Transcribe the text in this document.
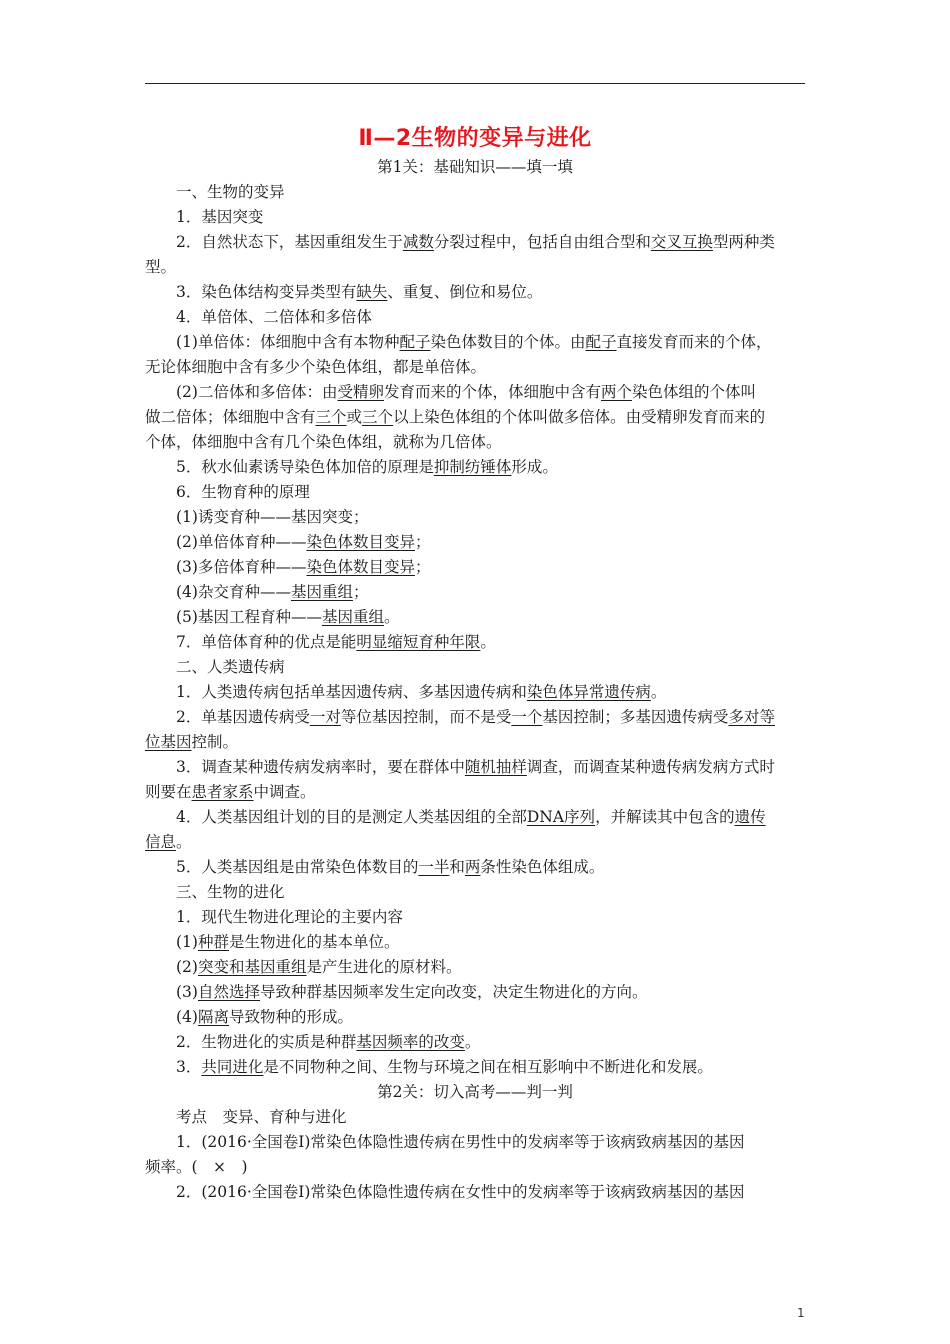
Ⅱ—2生物的变异与进化
第1关：基础知识——填一填
一、生物的变异
1．基因突变
2．自然状态下，基因重组发生于减数分裂过程中，包括自由组合型和交叉互换型两种类
型。
3．染色体结构变异类型有缺失、重复、倒位和易位。
4．单倍体、二倍体和多倍体
(1)单倍体：体细胞中含有本物种配子染色体数目的个体。由配子直接发育而来的个体，
无论体细胞中含有多少个染色体组，都是单倍体。
(2)二倍体和多倍体：由受精卵发育而来的个体，体细胞中含有两个染色体组的个体叫
做二倍体；体细胞中含有三个或三个以上染色体组的个体叫做多倍体。由受精卵发育而来的
个体，体细胞中含有几个染色体组，就称为几倍体。
5．秋水仙素诱导染色体加倍的原理是抑制纺锤体形成。
6．生物育种的原理
(1)诱变育种——基因突变；
(2)单倍体育种——染色体数目变异；
(3)多倍体育种——染色体数目变异；
(4)杂交育种——基因重组；
(5)基因工程育种——基因重组。
7．单倍体育种的优点是能明显缩短育种年限。
二、人类遗传病
1．人类遗传病包括单基因遗传病、多基因遗传病和染色体异常遗传病。
2．单基因遗传病受一对等位基因控制，而不是受一个基因控制；多基因遗传病受多对等
位基因控制。
3．调查某种遗传病发病率时，要在群体中随机抽样调查，而调查某种遗传病发病方式时
则要在患者家系中调查。
4．人类基因组计划的目的是测定人类基因组的全部DNA序列，并解读其中包含的遗传
信息。
5．人类基因组是由常染色体数目的一半和两条性染色体组成。
三、生物的进化
1．现代生物进化理论的主要内容
(1)种群是生物进化的基本单位。
(2)突变和基因重组是产生进化的原材料。
(3)自然选择导致种群基因频率发生定向改变，决定生物进化的方向。
(4)隔离导致物种的形成。
2．生物进化的实质是种群基因频率的改变。
3．共同进化是不同物种之间、生物与环境之间在相互影响中不断进化和发展。
第2关：切入高考——判一判
考点　变异、育种与进化
1．(2016·全国卷Ⅰ)常染色体隐性遗传病在男性中的发病率等于该病致病基因的基因
频率。(　×　)
2．(2016·全国卷Ⅰ)常染色体隐性遗传病在女性中的发病率等于该病致病基因的基因
1
